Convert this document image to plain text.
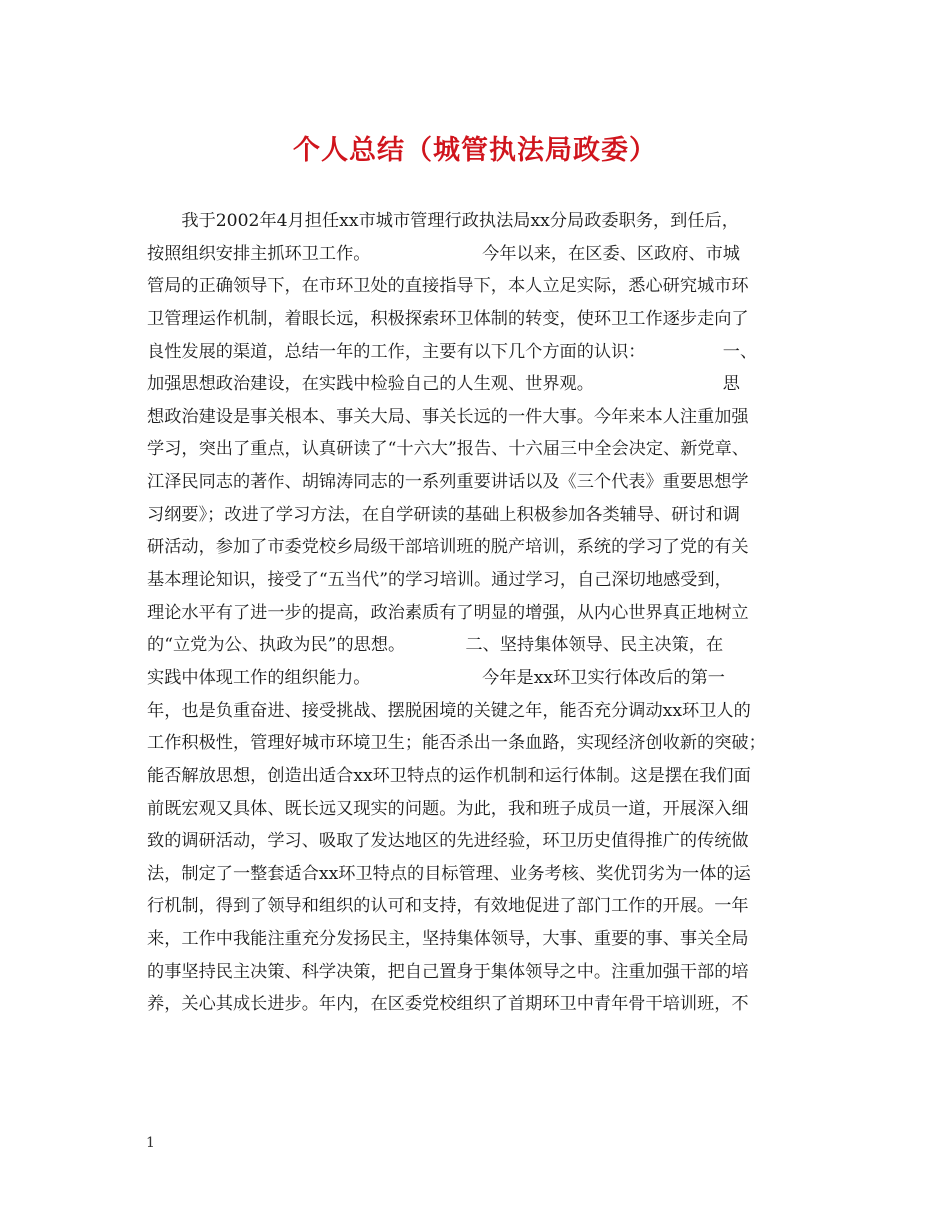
个人总结（城管执法局政委）
　　我于2002年4月担任xx市城市管理行政执法局xx分局政委职务，到任后，
按照组织安排主抓环卫工作。　　　　　　　今年以来，在区委、区政府、市城
管局的正确领导下，在市环卫处的直接指导下，本人立足实际，悉心研究城市环
卫管理运作机制，着眼长远，积极探索环卫体制的转变，使环卫工作逐步走向了
良性发展的渠道，总结一年的工作，主要有以下几个方面的认识：　　　　　一、
加强思想政治建设，在实践中检验自己的人生观、世界观。　　　　　　　　思
想政治建设是事关根本、事关大局、事关长远的一件大事。今年来本人注重加强
学习，突出了重点，认真研读了“十六大”报告、十六届三中全会决定、新党章、
江泽民同志的著作、胡锦涛同志的一系列重要讲话以及《三个代表》重要思想学
习纲要》；改进了学习方法，在自学研读的基础上积极参加各类辅导、研讨和调
研活动，参加了市委党校乡局级干部培训班的脱产培训，系统的学习了党的有关
基本理论知识，接受了“五当代”的学习培训。通过学习，自己深切地感受到，
理论水平有了进一步的提高，政治素质有了明显的增强，从内心世界真正地树立
的“立党为公、执政为民”的思想。　　　　二、坚持集体领导、民主决策，在
实践中体现工作的组织能力。　　　　　　　今年是xx环卫实行体改后的第一
年，也是负重奋进、接受挑战、摆脱困境的关键之年，能否充分调动xx环卫人的
工作积极性，管理好城市环境卫生；能否杀出一条血路，实现经济创收新的突破；
能否解放思想，创造出适合xx环卫特点的运作机制和运行体制。这是摆在我们面
前既宏观又具体、既长远又现实的问题。为此，我和班子成员一道，开展深入细
致的调研活动，学习、吸取了发达地区的先进经验，环卫历史值得推广的传统做
法，制定了一整套适合xx环卫特点的目标管理、业务考核、奖优罚劣为一体的运
行机制，得到了领导和组织的认可和支持，有效地促进了部门工作的开展。一年
来，工作中我能注重充分发扬民主，坚持集体领导，大事、重要的事、事关全局
的事坚持民主决策、科学决策，把自己置身于集体领导之中。注重加强干部的培
养，关心其成长进步。年内，在区委党校组织了首期环卫中青年骨干培训班，不
1
